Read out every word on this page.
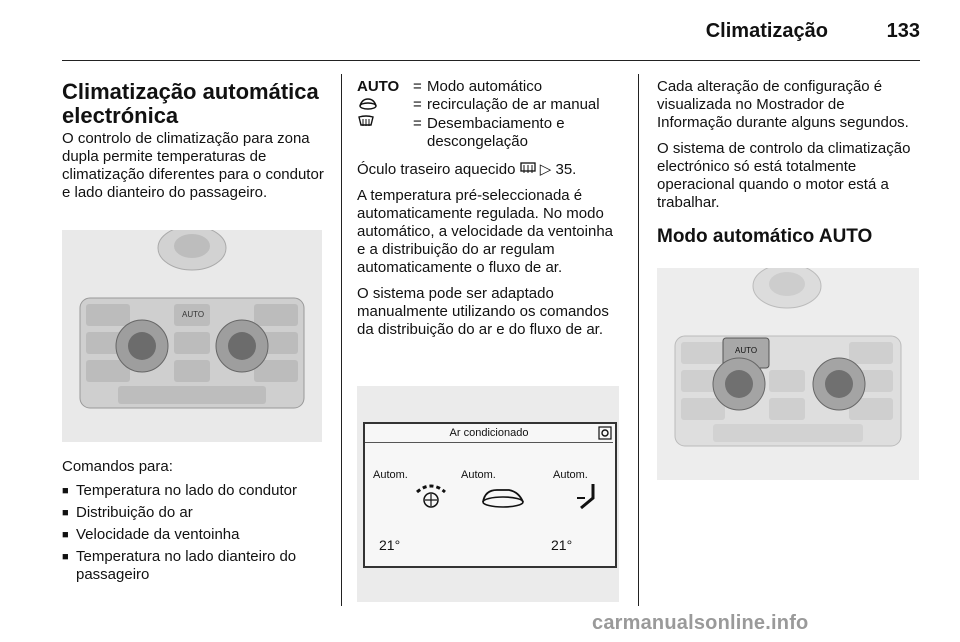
Climatização	133
Climatização automática electrónica

O controlo de climatização para zona dupla permite temperaturas de climatização diferentes para o condutor e lado dianteiro do passageiro.

AUTO

Comandos para:

■ Temperatura no lado do condutor
■ Distribuição do ar
■ Velocidade da ventoinha
■ Temperatura no lado dianteiro do passageiro
AUTO = Modo automático
= recirculação de ar manual
= Desembaciamento e descongelação

Óculo traseiro aquecido ▷ 35.

A temperatura pré-seleccionada é automaticamente regulada. No modo automático, a velocidade da ventoinha e a distribuição do ar regulam automaticamente o fluxo de ar.

O sistema pode ser adaptado manualmente utilizando os comandos da distribuição do ar e do fluxo de ar.

Ar condicionado
Autom.	Autom.	Autom.
21°	21°

Cada alteração de configuração é visualizada no Mostrador de Informação durante alguns segundos.

O sistema de controlo da climatização electrónico só está totalmente operacional quando o motor está a trabalhar.

Modo automático AUTO
AUTO
carmanualsonline.info
